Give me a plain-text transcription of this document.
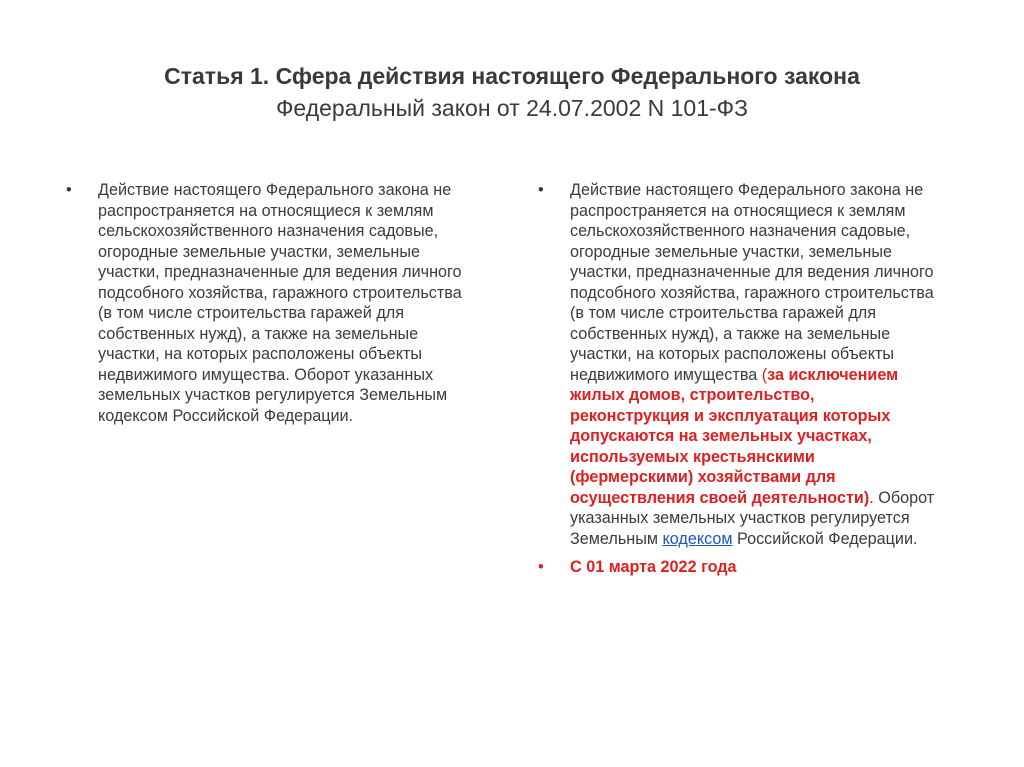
Статья 1. Сфера действия настоящего Федерального закона
Федеральный закон от 24.07.2002 N 101-ФЗ
• Действие настоящего Федерального закона не распространяется на относящиеся к землям сельскохозяйственного назначения садовые, огородные земельные участки, земельные участки, предназначенные для ведения личного подсобного хозяйства, гаражного строительства (в том числе строительства гаражей для собственных нужд), а также на земельные участки, на которых расположены объекты недвижимого имущества. Оборот указанных земельных участков регулируется Земельным кодексом Российской Федерации.
• Действие настоящего Федерального закона не распространяется на относящиеся к землям сельскохозяйственного назначения садовые, огородные земельные участки, земельные участки, предназначенные для ведения личного подсобного хозяйства, гаражного строительства (в том числе строительства гаражей для собственных нужд), а также на земельные участки, на которых расположены объекты недвижимого имущества (за исключением жилых домов, строительство, реконструкция и эксплуатация которых допускаются на земельных участках, используемых крестьянскими (фермерскими) хозяйствами для осуществления своей деятельности). Оборот указанных земельных участков регулируется Земельным кодексом Российской Федерации.
• С 01 марта 2022 года
